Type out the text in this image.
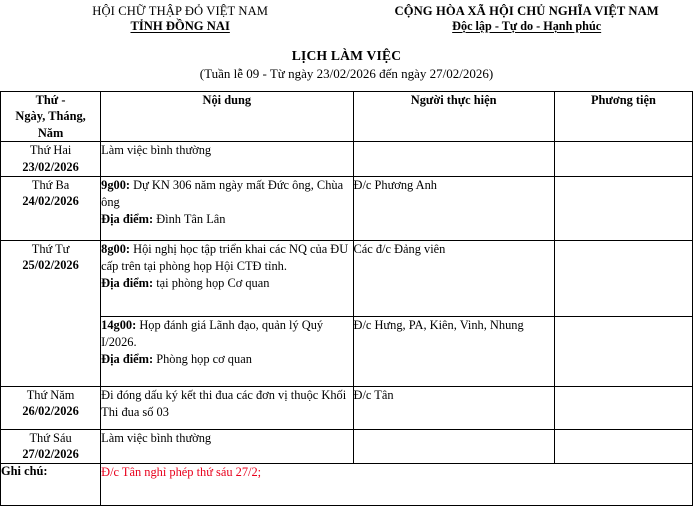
HỘI CHỮ THẬP ĐỎ VIỆT NAM
TỈNH ĐỒNG NAI
CỘNG HÒA XÃ HỘI CHỦ NGHĨA VIỆT NAM
Độc lập - Tự do - Hạnh phúc
LỊCH LÀM VIỆC
(Tuần lễ 09 - Từ ngày 23/02/2026 đến ngày 27/02/2026)
Thứ -
Ngày, Tháng,
Năm	Nội dung	Người thực hiện	Phương tiện

Thứ Hai
23/02/2026	Làm việc bình thường		

Thứ Ba
24/02/2026	9g00: Dự KN 306 năm ngày mất Đức ông, Chùa ông
Địa điểm: Đình Tân Lân	Đ/c Phương Anh	

Thứ Tư
25/02/2026	8g00: Hội nghị học tập triển khai các NQ của ĐU cấp trên tại phòng họp Hội CTĐ tỉnh.
Địa điểm: tại phòng họp Cơ quan	Các đ/c Đảng viên	

	14g00: Họp đánh giá Lãnh đạo, quản lý Quý I/2026.
Địa điểm: Phòng họp cơ quan	Đ/c Hưng, PA, Kiên, Vinh, Nhung	

Thứ Năm
26/02/2026	Đi đóng dấu ký kết thi đua các đơn vị thuộc Khối Thi đua số 03	Đ/c Tân	

Thứ Sáu
27/02/2026	Làm việc bình thường		

Ghi chú:	Đ/c Tân nghỉ phép thứ sáu 27/2;		
